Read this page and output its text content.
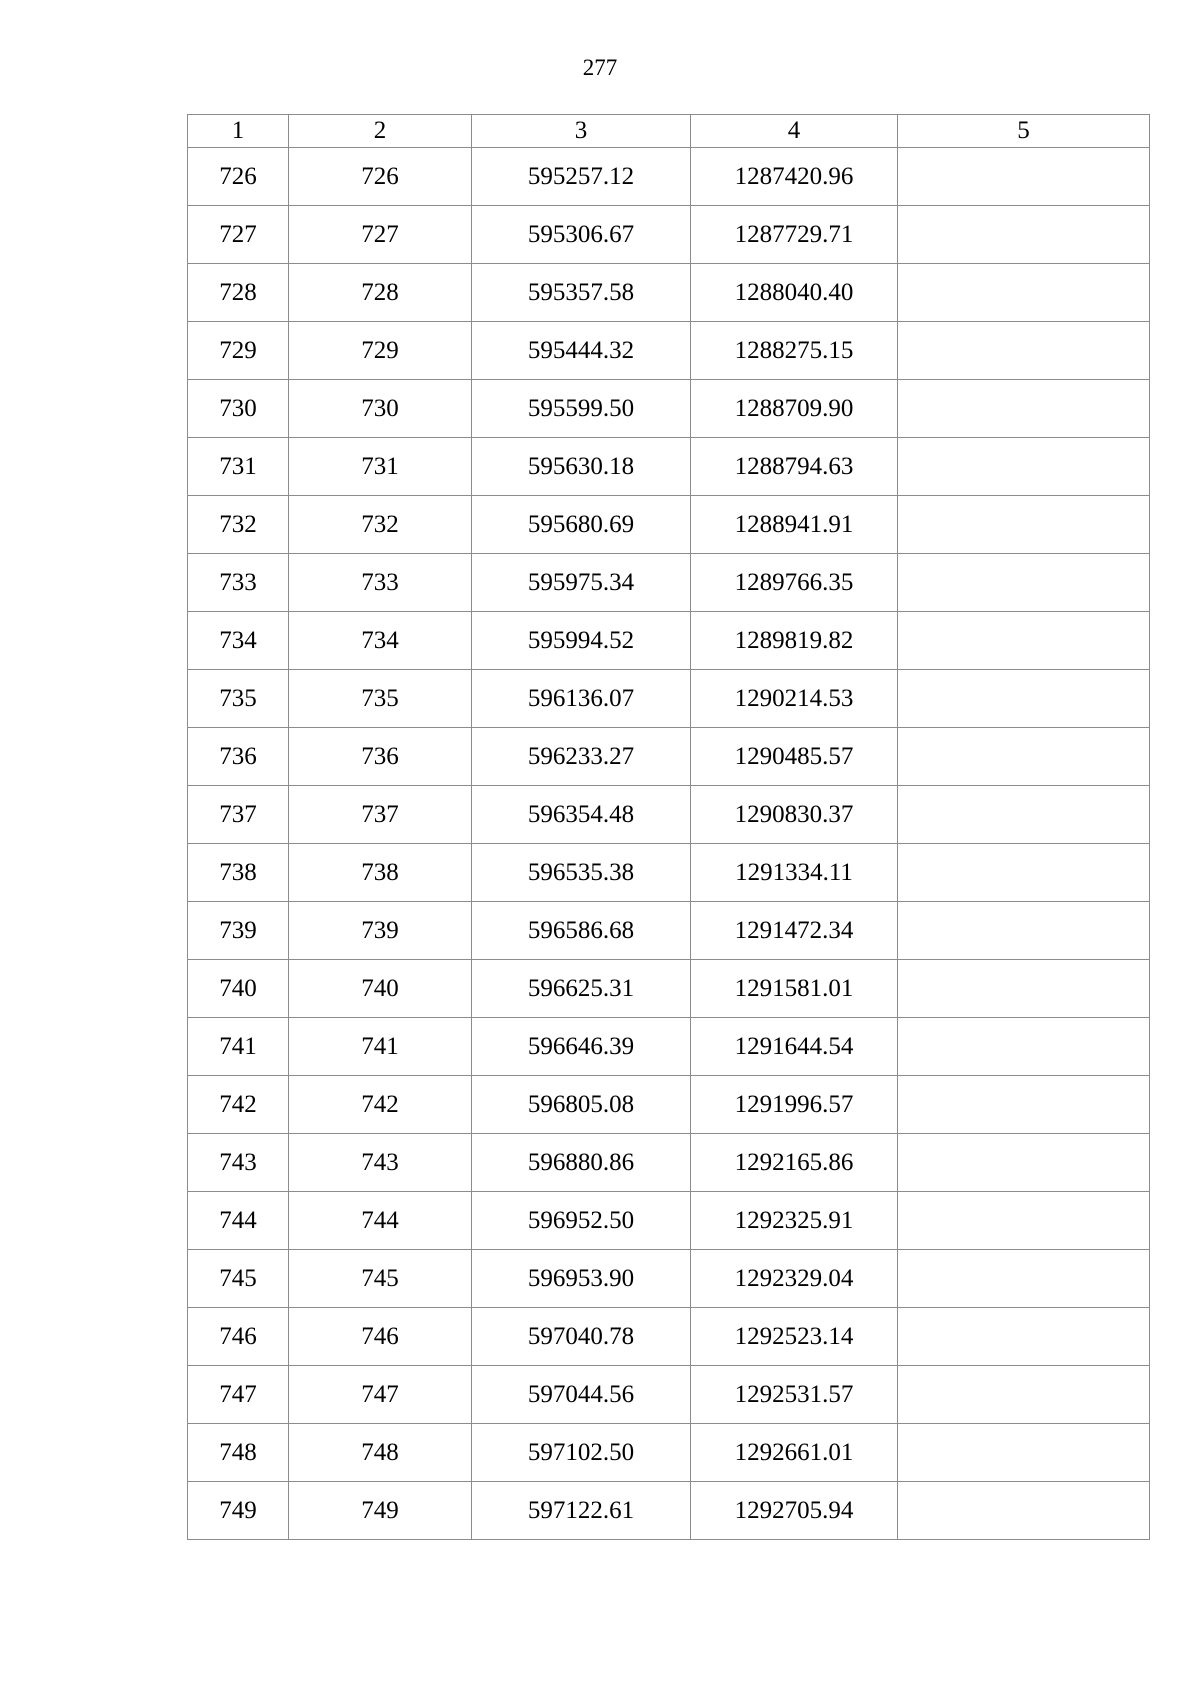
277
1	2	3	4	5
726	726	595257.12	1287420.96	
727	727	595306.67	1287729.71	
728	728	595357.58	1288040.40	
729	729	595444.32	1288275.15	
730	730	595599.50	1288709.90	
731	731	595630.18	1288794.63	
732	732	595680.69	1288941.91	
733	733	595975.34	1289766.35	
734	734	595994.52	1289819.82	
735	735	596136.07	1290214.53	
736	736	596233.27	1290485.57	
737	737	596354.48	1290830.37	
738	738	596535.38	1291334.11	
739	739	596586.68	1291472.34	
740	740	596625.31	1291581.01	
741	741	596646.39	1291644.54	
742	742	596805.08	1291996.57	
743	743	596880.86	1292165.86	
744	744	596952.50	1292325.91	
745	745	596953.90	1292329.04	
746	746	597040.78	1292523.14	
747	747	597044.56	1292531.57	
748	748	597102.50	1292661.01	
749	749	597122.61	1292705.94	
